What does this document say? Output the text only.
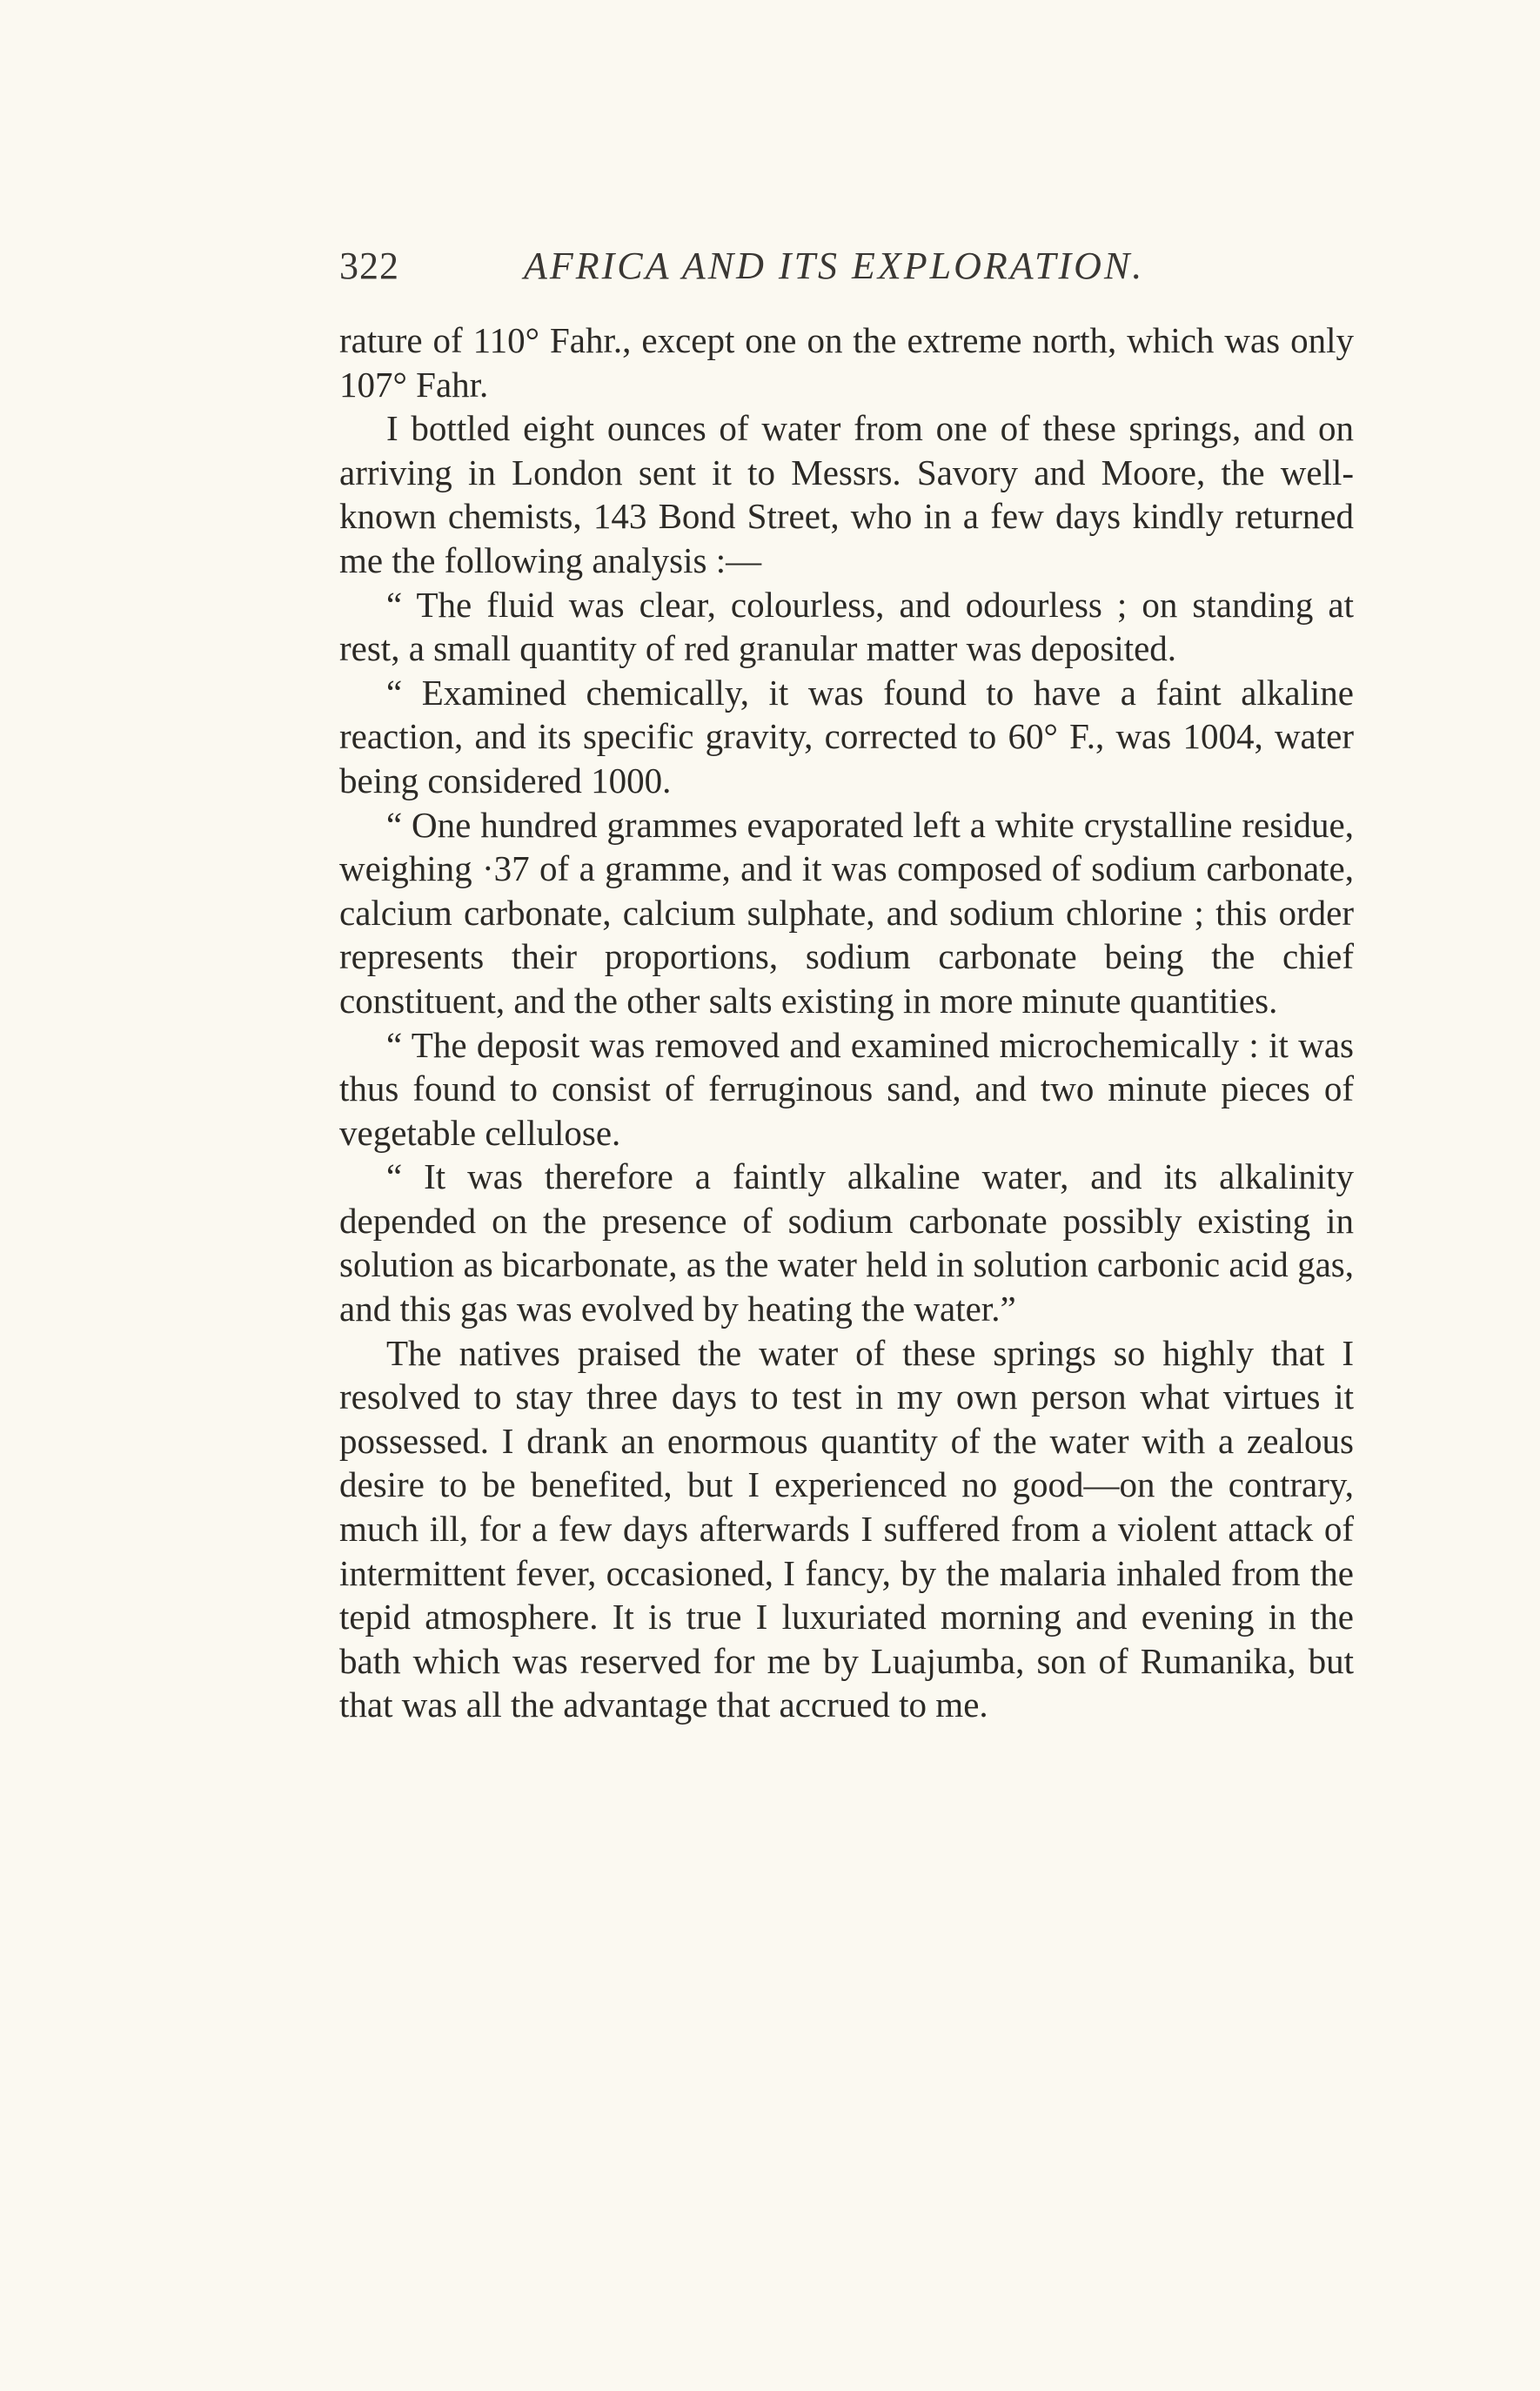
322	AFRICA AND ITS EXPLORATION.

rature of 110° Fahr., except one on the extreme north, which was only 107° Fahr.

I bottled eight ounces of water from one of these springs, and on arriving in London sent it to Messrs. Savory and Moore, the well-known chemists, 143 Bond Street, who in a few days kindly returned me the following analysis :—

“ The fluid was clear, colourless, and odourless ; on standing at rest, a small quantity of red granular matter was deposited.

“ Examined chemically, it was found to have a faint alkaline reaction, and its specific gravity, corrected to 60° F., was 1004, water being considered 1000.

“ One hundred grammes evaporated left a white crystalline residue, weighing ·37 of a gramme, and it was composed of sodium carbonate, calcium carbonate, calcium sulphate, and sodium chlorine ; this order represents their proportions, sodium carbonate being the chief constituent, and the other salts existing in more minute quantities.

“ The deposit was removed and examined microchemically : it was thus found to consist of ferruginous sand, and two minute pieces of vegetable cellulose.

“ It was therefore a faintly alkaline water, and its alkalinity depended on the presence of sodium carbonate possibly existing in solution as bicarbonate, as the water held in solution carbonic acid gas, and this gas was evolved by heating the water.”

The natives praised the water of these springs so highly that I resolved to stay three days to test in my own person what virtues it possessed. I drank an enormous quantity of the water with a zealous desire to be benefited, but I experienced no good—on the contrary, much ill, for a few days afterwards I suffered from a violent attack of intermittent fever, occasioned, I fancy, by the malaria inhaled from the tepid atmosphere. It is true I luxuriated morning and evening in the bath which was reserved for me by Luajumba, son of Rumanika, but that was all the advantage that accrued to me.
